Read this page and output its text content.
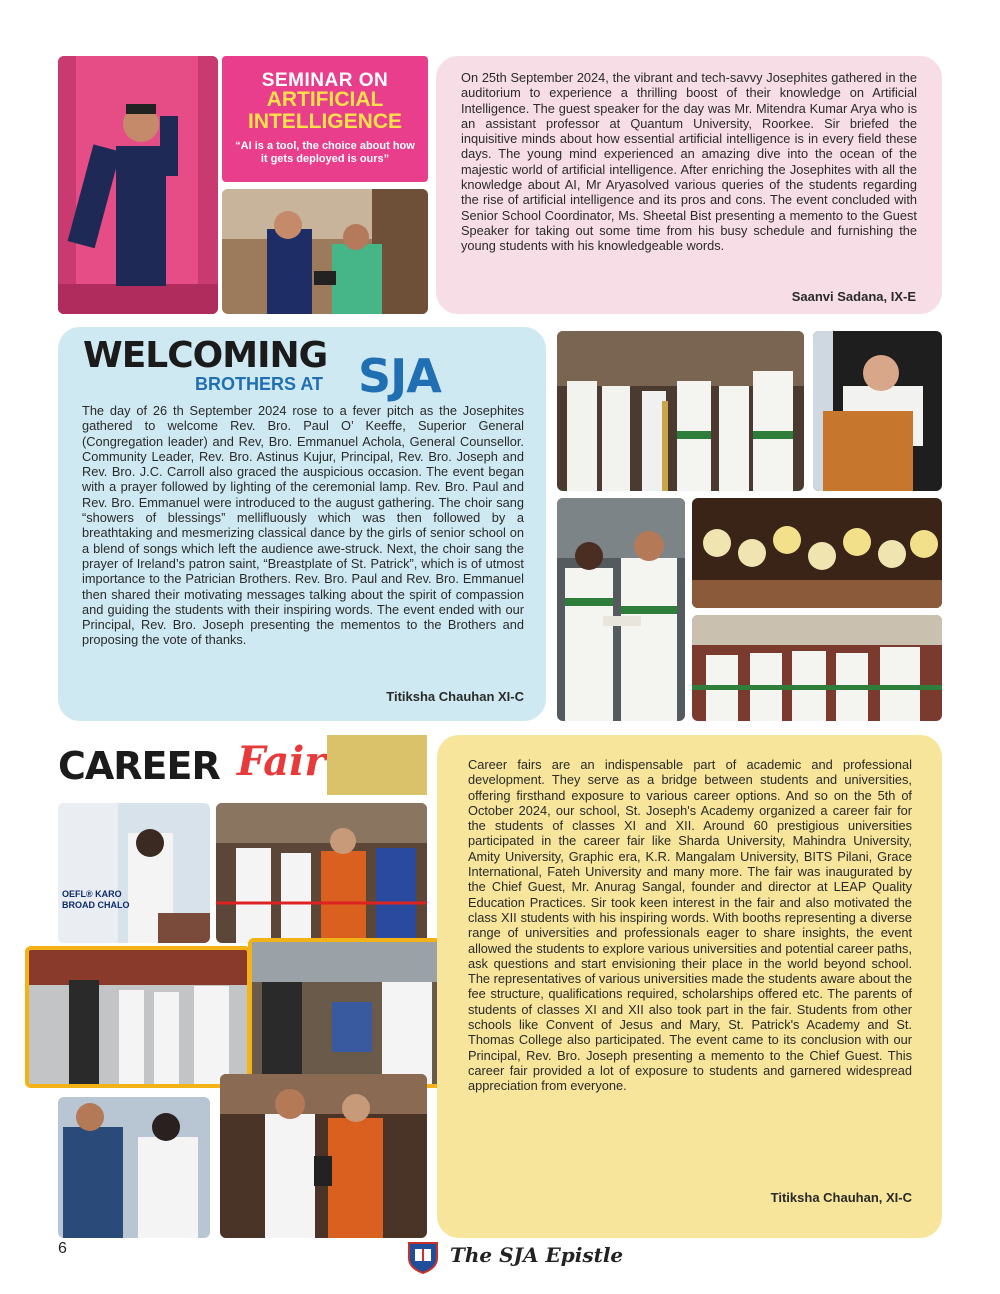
SEMINAR ON
ARTIFICIAL INTELLIGENCE
“AI is a tool, the choice about how it gets deployed is ours”

On 25th September 2024, the vibrant and tech-savvy Josephites gathered in the auditorium to experience a thrilling boost of their knowledge on Artificial Intelligence. The guest speaker for the day was Mr. Mitendra Kumar Arya who is an assistant professor at Quantum University, Roorkee. Sir briefed the inquisitive minds about how essential artificial intelligence is in every field these days. The young mind experienced an amazing dive into the ocean of the majestic world of artificial intelligence. After enriching the Josephites with all the knowledge about AI, Mr Aryasolved various queries of the students regarding the rise of artificial intelligence and its pros and cons. The event concluded with Senior School Coordinator, Ms. Sheetal Bist presenting a memento to the Guest Speaker for taking out some time from his busy schedule and furnishing the young students with his knowledgeable words.

Saanvi Sadana, IX-E
WELCOMING
BROTHERS AT SJA

The day of 26 th September 2024 rose to a fever pitch as the Josephites gathered to welcome Rev. Bro. Paul O’ Keeffe, Superior General (Congregation leader) and Rev, Bro. Emmanuel Achola, General Counsellor. Community Leader, Rev. Bro. Astinus Kujur, Principal, Rev. Bro. Joseph and Rev. Bro. J.C. Carroll also graced the auspicious occasion. The event began with a prayer followed by lighting of the ceremonial lamp. Rev. Bro. Paul and Rev. Bro. Emmanuel were introduced to the august gathering. The choir sang “showers of blessings” mellifluously which was then followed by a breathtaking and mesmerizing classical dance by the girls of senior school on a blend of songs which left the audience awe-struck. Next, the choir sang the prayer of Ireland’s patron saint, “Breastplate of St. Patrick”, which is of utmost importance to the Patrician Brothers. Rev. Bro. Paul and Rev. Bro. Emmanuel then shared their motivating messages talking about the spirit of compassion and guiding the students with their inspiring words. The event ended with our Principal, Rev. Bro. Joseph presenting the mementos to the Brothers and proposing the vote of thanks.

Titiksha Chauhan XI-C
CAREER Fair
OEFL® KARO BROAD CHALO

Career fairs are an indispensable part of academic and professional development. They serve as a bridge between students and universities, offering firsthand exposure to various career options. And so on the 5th of October 2024, our school, St. Joseph's Academy organized a career fair for the students of classes XI and XII. Around 60 prestigious universities participated in the career fair like Sharda University, Mahindra University, Amity University, Graphic era, K.R. Mangalam University, BITS Pilani, Grace International, Fateh University and many more. The fair was inaugurated by the Chief Guest, Mr. Anurag Sangal, founder and director at LEAP Quality Education Practices. Sir took keen interest in the fair and also motivated the class XII students with his inspiring words. With booths representing a diverse range of universities and professionals eager to share insights, the event allowed the students to explore various universities and potential career paths, ask questions and start envisioning their place in the world beyond school. The representatives of various universities made the students aware about the fee structure, qualifications required, scholarships offered etc. The parents of students of classes XI and XII also took part in the fair. Students from other schools like Convent of Jesus and Mary, St. Patrick's Academy and St. Thomas College also participated. The event came to its conclusion with our Principal, Rev. Bro. Joseph presenting a memento to the Chief Guest. This career fair provided a lot of exposure to students and garnered widespread appreciation from everyone.

Titiksha Chauhan, XI-C
6	The SJA Epistle
